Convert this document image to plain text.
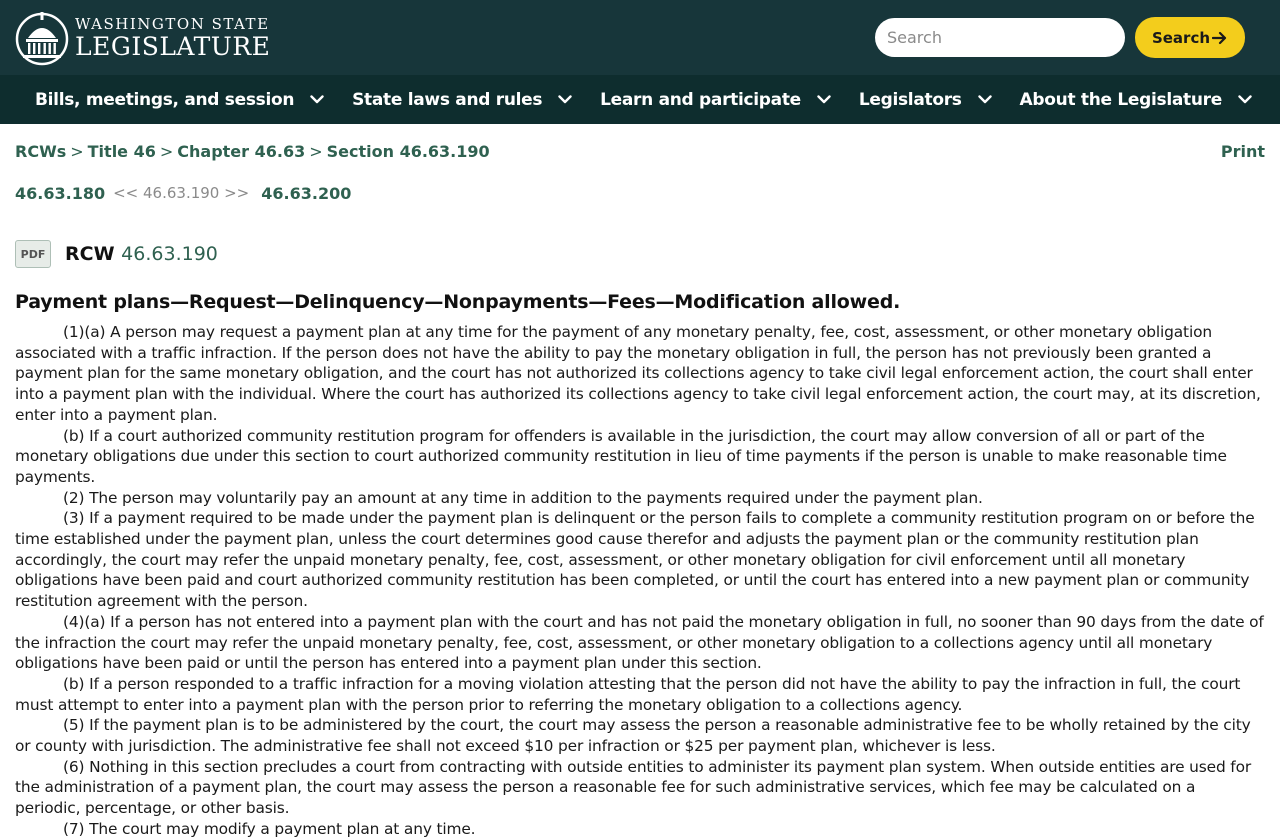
WASHINGTON STATE
LEGISLATURE
Search	Search
Bills, meetings, and session	State laws and rules	Learn and participate	Legislators	About the Legislature
RCWs > Title 46 > Chapter 46.63 > Section 46.63.190	Print
46.63.180 << 46.63.190 >> 46.63.200
PDF RCW 46.63.190
Payment plans—Request—Delinquency—Nonpayments—Fees—Modification allowed.

(1)(a) A person may request a payment plan at any time for the payment of any monetary penalty, fee, cost, assessment, or other monetary obligation associated with a traffic infraction. If the person does not have the ability to pay the monetary obligation in full, the person has not previously been granted a payment plan for the same monetary obligation, and the court has not authorized its collections agency to take civil legal enforcement action, the court shall enter into a payment plan with the individual. Where the court has authorized its collections agency to take civil legal enforcement action, the court may, at its discretion, enter into a payment plan.

(b) If a court authorized community restitution program for offenders is available in the jurisdiction, the court may allow conversion of all or part of the monetary obligations due under this section to court authorized community restitution in lieu of time payments if the person is unable to make reasonable time payments.

(2) The person may voluntarily pay an amount at any time in addition to the payments required under the payment plan.

(3) If a payment required to be made under the payment plan is delinquent or the person fails to complete a community restitution program on or before the time established under the payment plan, unless the court determines good cause therefor and adjusts the payment plan or the community restitution plan accordingly, the court may refer the unpaid monetary penalty, fee, cost, assessment, or other monetary obligation for civil enforcement until all monetary obligations have been paid and court authorized community restitution has been completed, or until the court has entered into a new payment plan or community restitution agreement with the person.

(4)(a) If a person has not entered into a payment plan with the court and has not paid the monetary obligation in full, no sooner than 90 days from the date of the infraction the court may refer the unpaid monetary penalty, fee, cost, assessment, or other monetary obligation to a collections agency until all monetary obligations have been paid or until the person has entered into a payment plan under this section.

(b) If a person responded to a traffic infraction for a moving violation attesting that the person did not have the ability to pay the infraction in full, the court must attempt to enter into a payment plan with the person prior to referring the monetary obligation to a collections agency.

(5) If the payment plan is to be administered by the court, the court may assess the person a reasonable administrative fee to be wholly retained by the city or county with jurisdiction. The administrative fee shall not exceed $10 per infraction or $25 per payment plan, whichever is less.

(6) Nothing in this section precludes a court from contracting with outside entities to administer its payment plan system. When outside entities are used for the administration of a payment plan, the court may assess the person a reasonable fee for such administrative services, which fee may be calculated on a periodic, percentage, or other basis.

(7) The court may modify a payment plan at any time.
